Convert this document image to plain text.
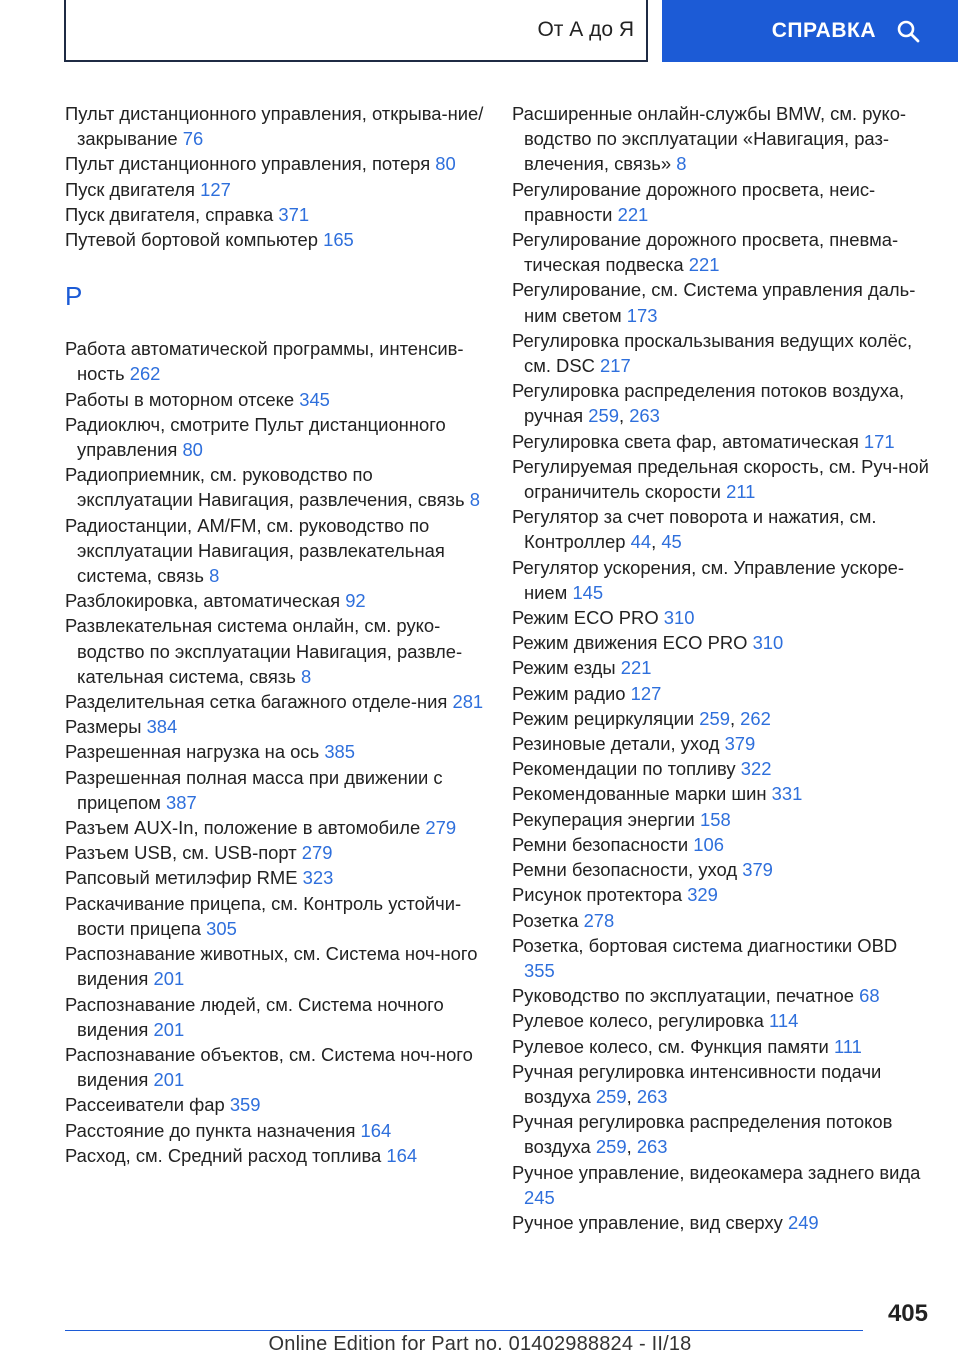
От А до Я	СПРАВКА

Пульт дистанционного управления, открыва-ние/закрывание 76

Пульт дистанционного управления, потеря 80

Пуск двигателя 127

Пуск двигателя, справка 371

Путевой бортовой компьютер 165

Р

Работа автоматической программы, интенсив-ность 262

Работы в моторном отсеке 345

Радиоключ, смотрите Пульт дистанционного управления 80

Радиоприемник, см. руководство по эксплуатации Навигация, развлечения, связь 8

Радиостанции, AM/FM, см. руководство по эксплуатации Навигация, развлекательная система, связь 8

Разблокировка, автоматическая 92

Развлекательная система онлайн, см. руко-водство по эксплуатации Навигация, развле-кательная система, связь 8

Разделительная сетка багажного отделе-ния 281

Размеры 384

Разрешенная нагрузка на ось 385

Разрешенная полная масса при движении с прицепом 387

Разъем AUX-In, положение в автомобиле 279

Разъем USB, см. USB-порт 279

Рапсовый метилэфир RME 323

Раскачивание прицепа, см. Контроль устойчи-вости прицепа 305

Распознавание животных, см. Система ноч-ного видения 201

Распознавание людей, см. Система ночного видения 201

Распознавание объектов, см. Система ноч-ного видения 201

Рассеиватели фар 359

Расстояние до пункта назначения 164

Расход, см. Средний расход топлива 164

Расширенные онлайн-службы BMW, см. руко-водство по эксплуатации «Навигация, раз-влечения, связь» 8

Регулирование дорожного просвета, неис-правности 221

Регулирование дорожного просвета, пневма-тическая подвеска 221

Регулирование, см. Система управления даль-ним светом 173

Регулировка проскальзывания ведущих колёс, см. DSC 217

Регулировка распределения потоков воздуха, ручная 259, 263

Регулировка света фар, автоматическая 171

Регулируемая предельная скорость, см. Руч-ной ограничитель скорости 211

Регулятор за счет поворота и нажатия, см. Контроллер 44, 45

Регулятор ускорения, см. Управление ускоре-нием 145

Режим ECO PRO 310

Режим движения ECO PRO 310

Режим езды 221

Режим радио 127

Режим рециркуляции 259, 262

Резиновые детали, уход 379

Рекомендации по топливу 322

Рекомендованные марки шин 331

Рекуперация энергии 158

Ремни безопасности 106

Ремни безопасности, уход 379

Рисунок протектора 329

Розетка 278

Розетка, бортовая система диагностики OBD 355

Руководство по эксплуатации, печатное 68

Рулевое колесо, регулировка 114

Рулевое колесо, см. Функция памяти 111

Ручная регулировка интенсивности подачи воздуха 259, 263

Ручная регулировка распределения потоков воздуха 259, 263

Ручное управление, видеокамера заднего вида 245

Ручное управление, вид сверху 249

405
Online Edition for Part no. 01402988824 - II/18
